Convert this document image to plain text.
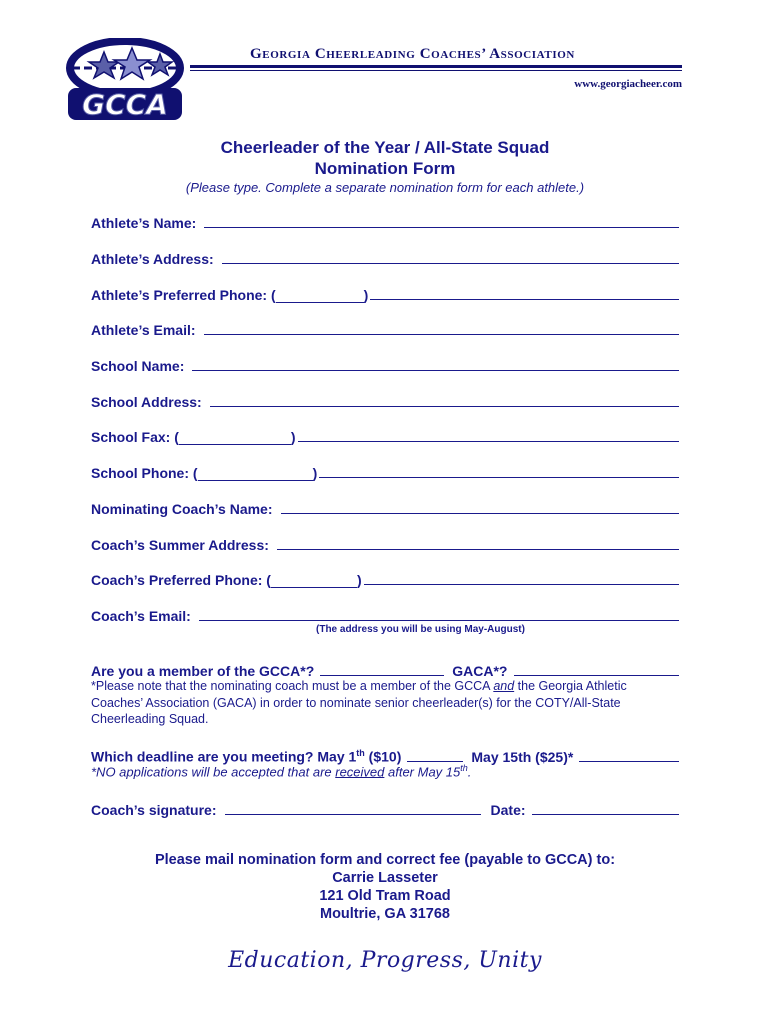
GCCA
Georgia Cheerleading Coaches’ Association
www.georgiacheer.com
Cheerleader of the Year / All-State Squad
Nomination Form
(Please type. Complete a separate nomination form for each athlete.)
Athlete’s Name:
Athlete’s Address:
Athlete’s Preferred Phone: (	)
Athlete’s Email:
School Name:
School Address:
School Fax: (	)
School Phone: (	)
Nominating Coach’s Name:
Coach’s Summer Address:
Coach’s Preferred Phone: (	)
Coach’s Email:
(The address you will be using May-August)
Are you a member of the GCCA*?	GACA*?
*Please note that the nominating coach must be a member of the GCCA and the Georgia Athletic Coaches’ Association (GACA) in order to nominate senior cheerleader(s) for the COTY/All-State Cheerleading Squad.
Which deadline are you meeting? May 1th ($10)	May 15th ($25)*
*NO applications will be accepted that are received after May 15th.
Coach’s signature:	Date:
Please mail nomination form and correct fee (payable to GCCA) to:
Carrie Lasseter
121 Old Tram Road
Moultrie, GA 31768
Education, Progress, Unity
